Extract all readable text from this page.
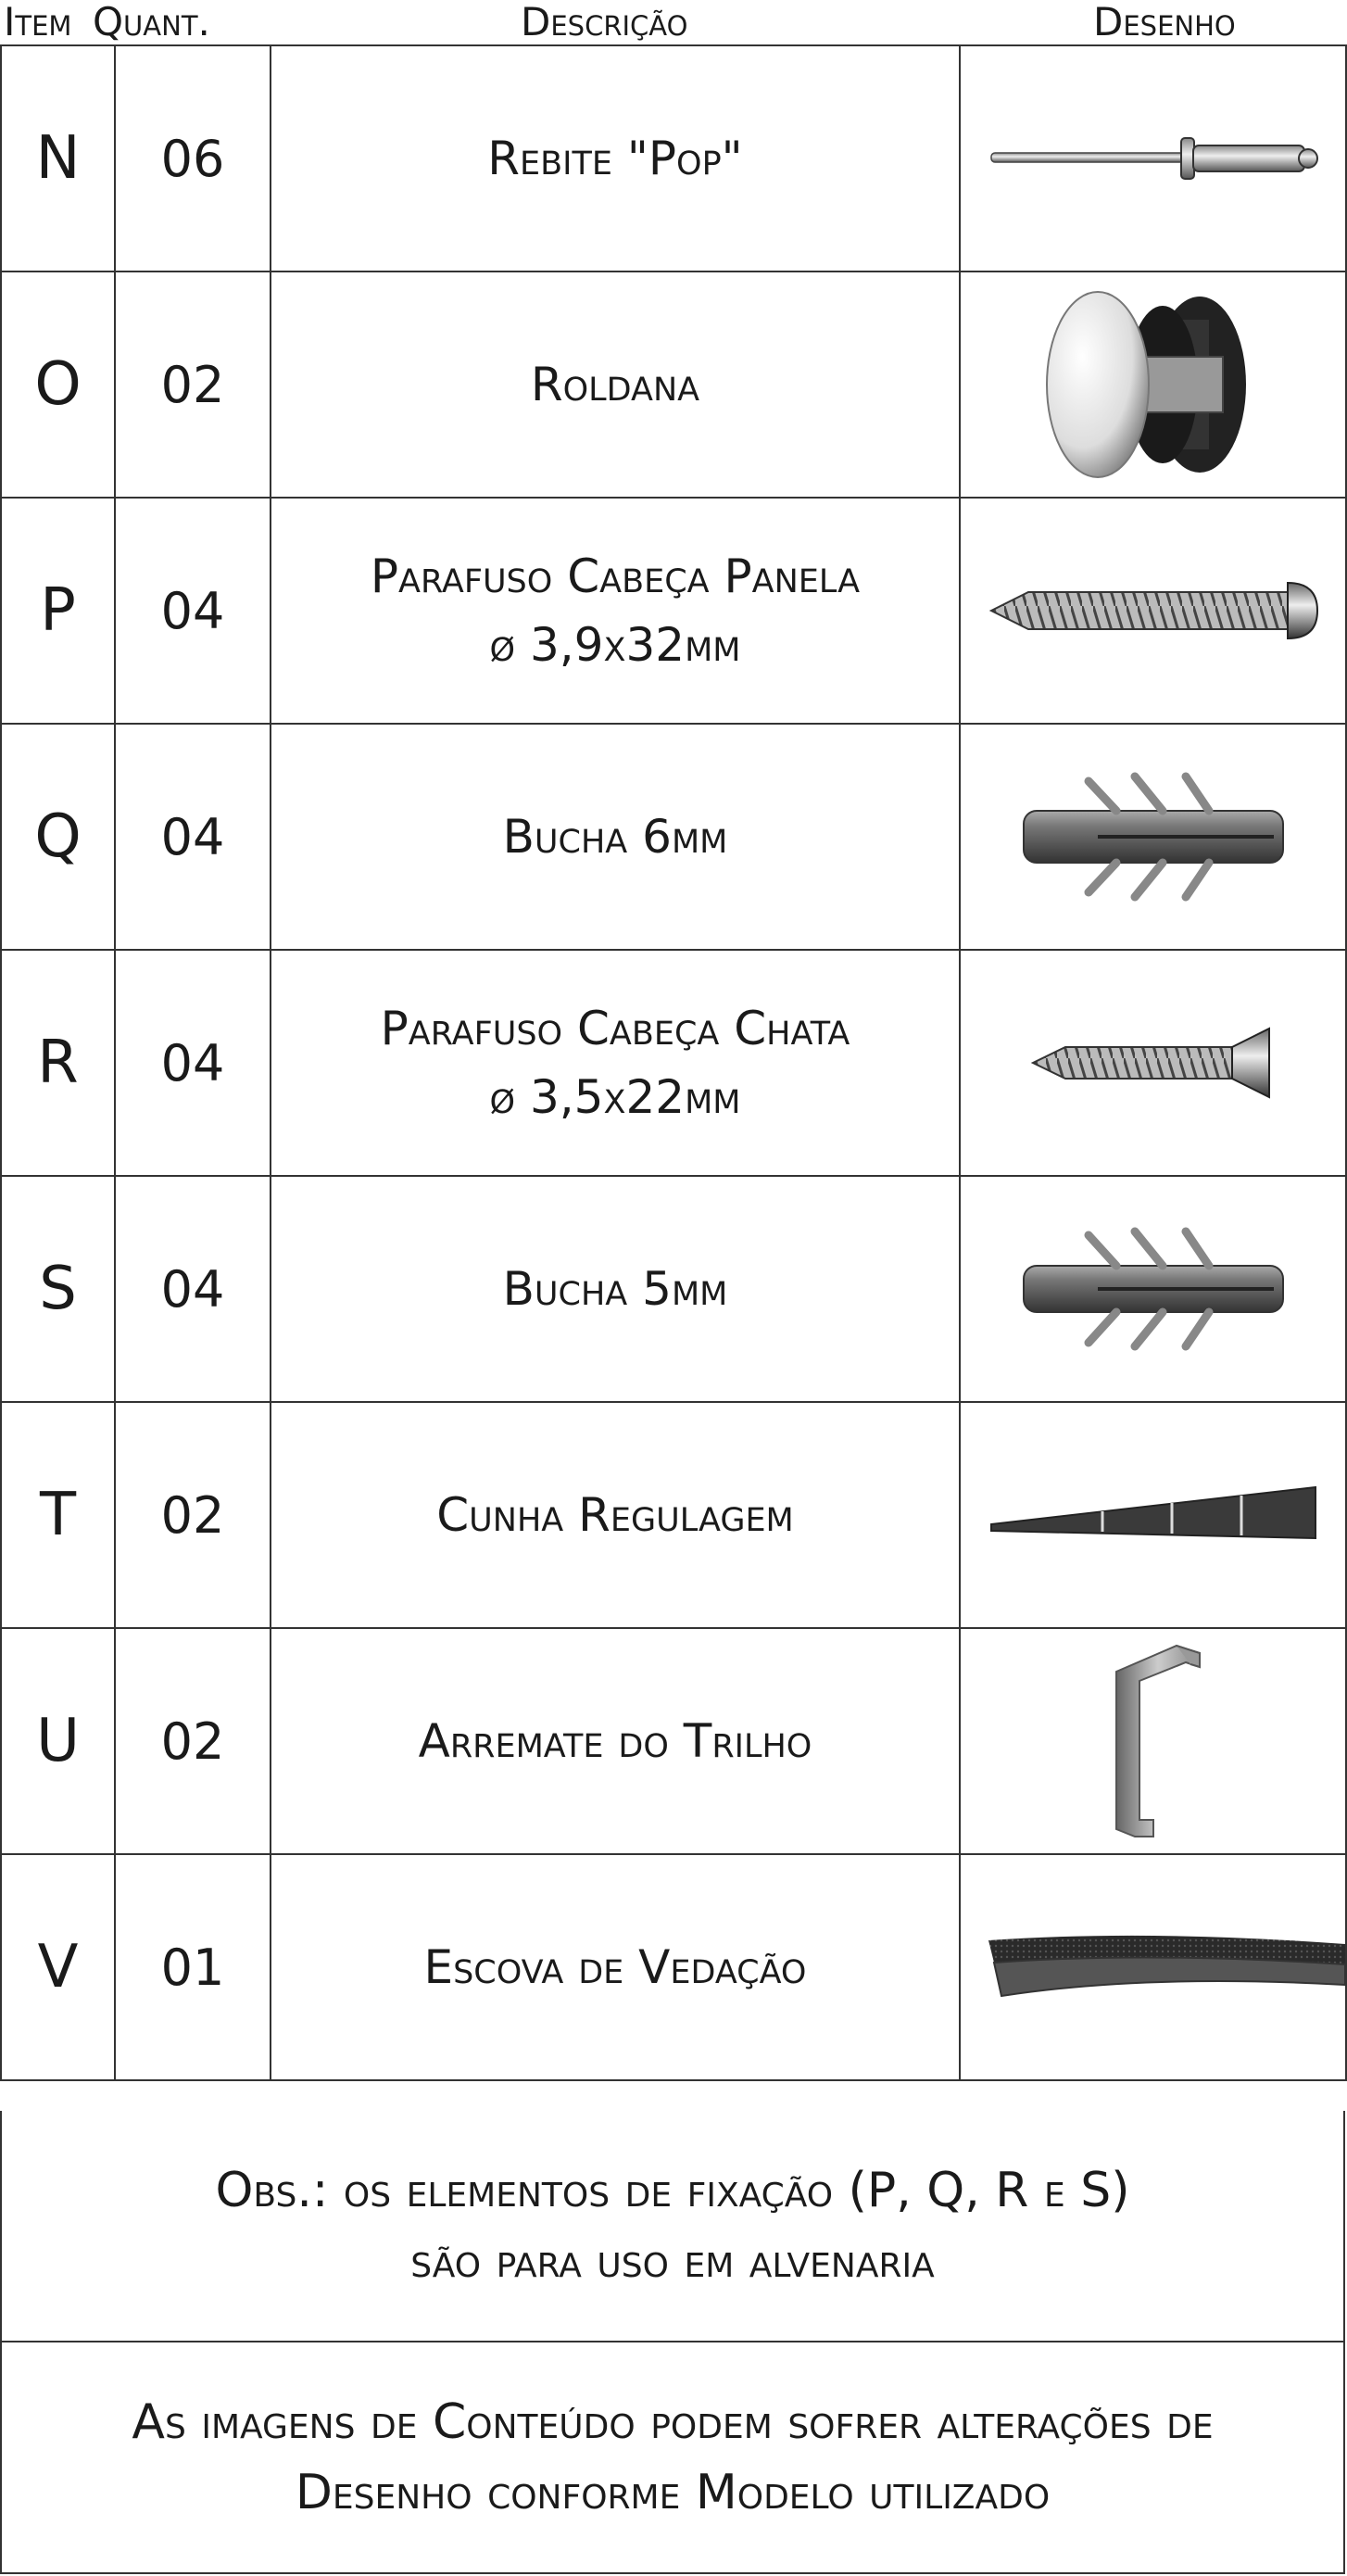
Item Quant.	Descrição	Desenho
N	06	Rebite "Pop"

O	02	Roldana

P	04	Parafuso Cabeça Panela
ø 3,9x32mm

Q	04	Bucha 6mm

R	04	Parafuso Cabeça Chata
ø 3,5x22mm

S	04	Bucha 5mm

T	02	Cunha Regulagem

U	02	Arremate do Trilho

V	01	Escova de Vedação

Obs.: os elementos de fixação (P, Q, R e S)
são para uso em alvenaria
As imagens de Conteúdo podem sofrer alterações de
Desenho conforme Modelo utilizado
